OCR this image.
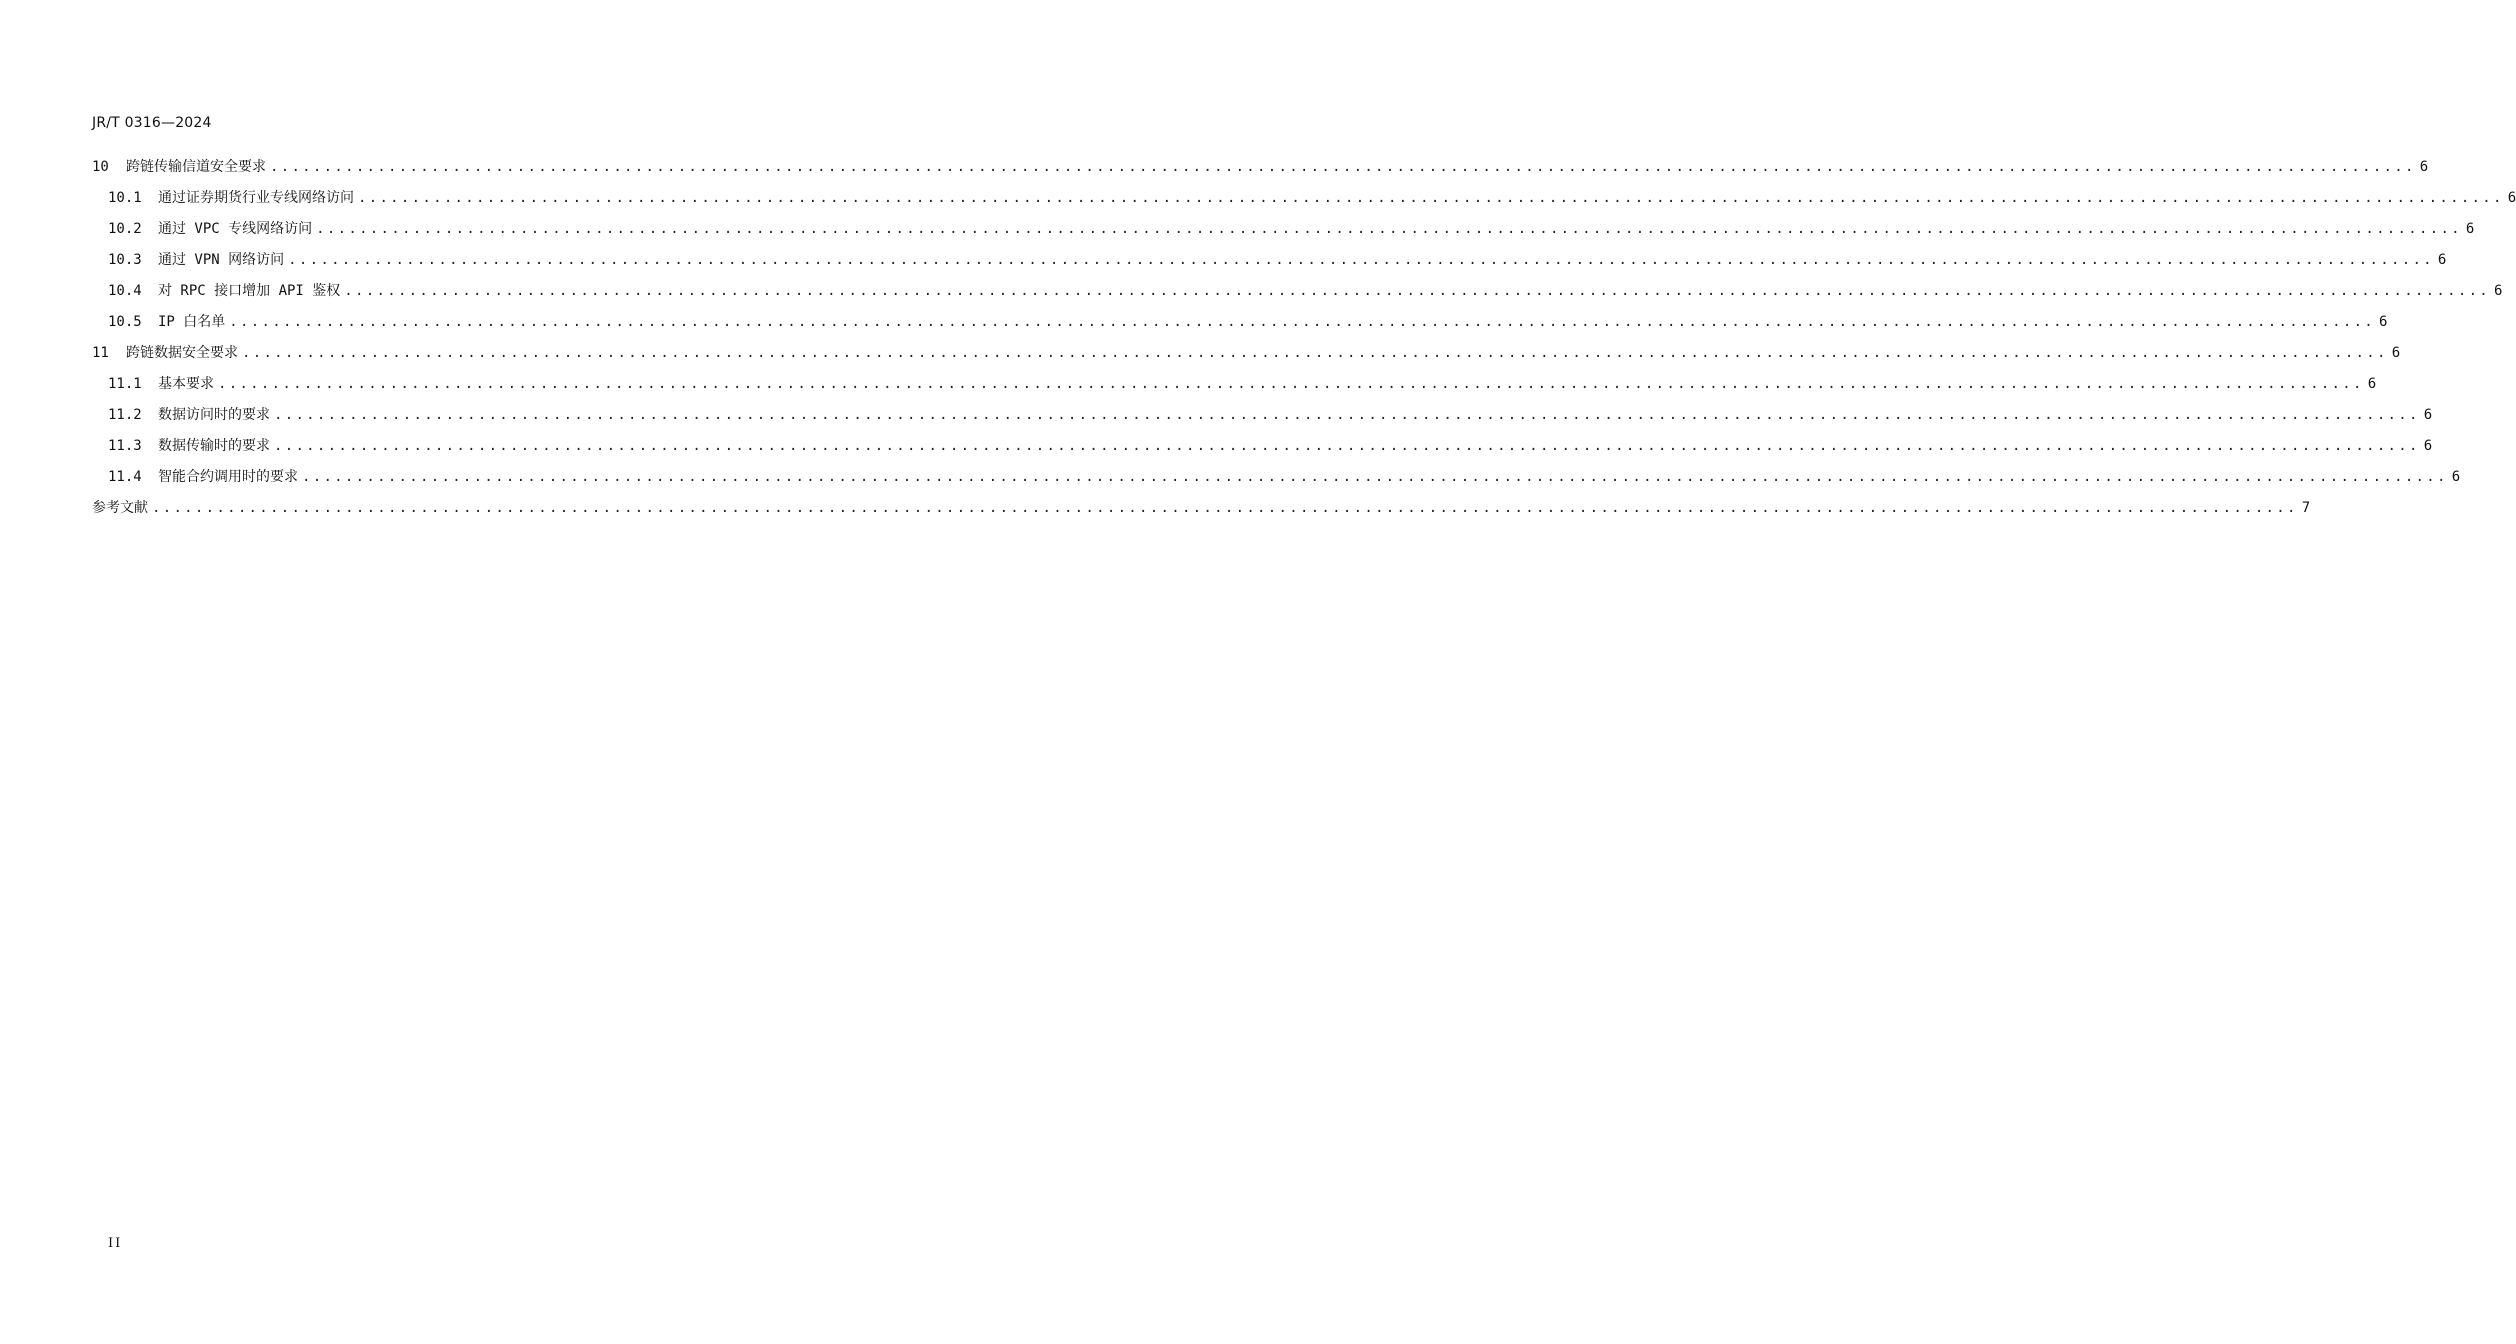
JR/T 0316—2024
10	跨链传输信道安全要求 ........................................................................................................................................................................................................ 6
10.1	通过证券期货行业专线网络访问 ........................................................................................................................................................................................................ 6
10.2	通过 VPC 专线网络访问 ........................................................................................................................................................................................................ 6
10.3	通过 VPN 网络访问 ........................................................................................................................................................................................................ 6
10.4	对 RPC 接口增加 API 鉴权 ........................................................................................................................................................................................................ 6
10.5	IP 白名单 ........................................................................................................................................................................................................ 6
11	跨链数据安全要求 ........................................................................................................................................................................................................ 6
11.1	基本要求 ........................................................................................................................................................................................................ 6
11.2	数据访问时的要求 ........................................................................................................................................................................................................ 6
11.3	数据传输时的要求 ........................................................................................................................................................................................................ 6
11.4	智能合约调用时的要求 ........................................................................................................................................................................................................ 6
参考文献 ........................................................................................................................................................................................................ 7
II
